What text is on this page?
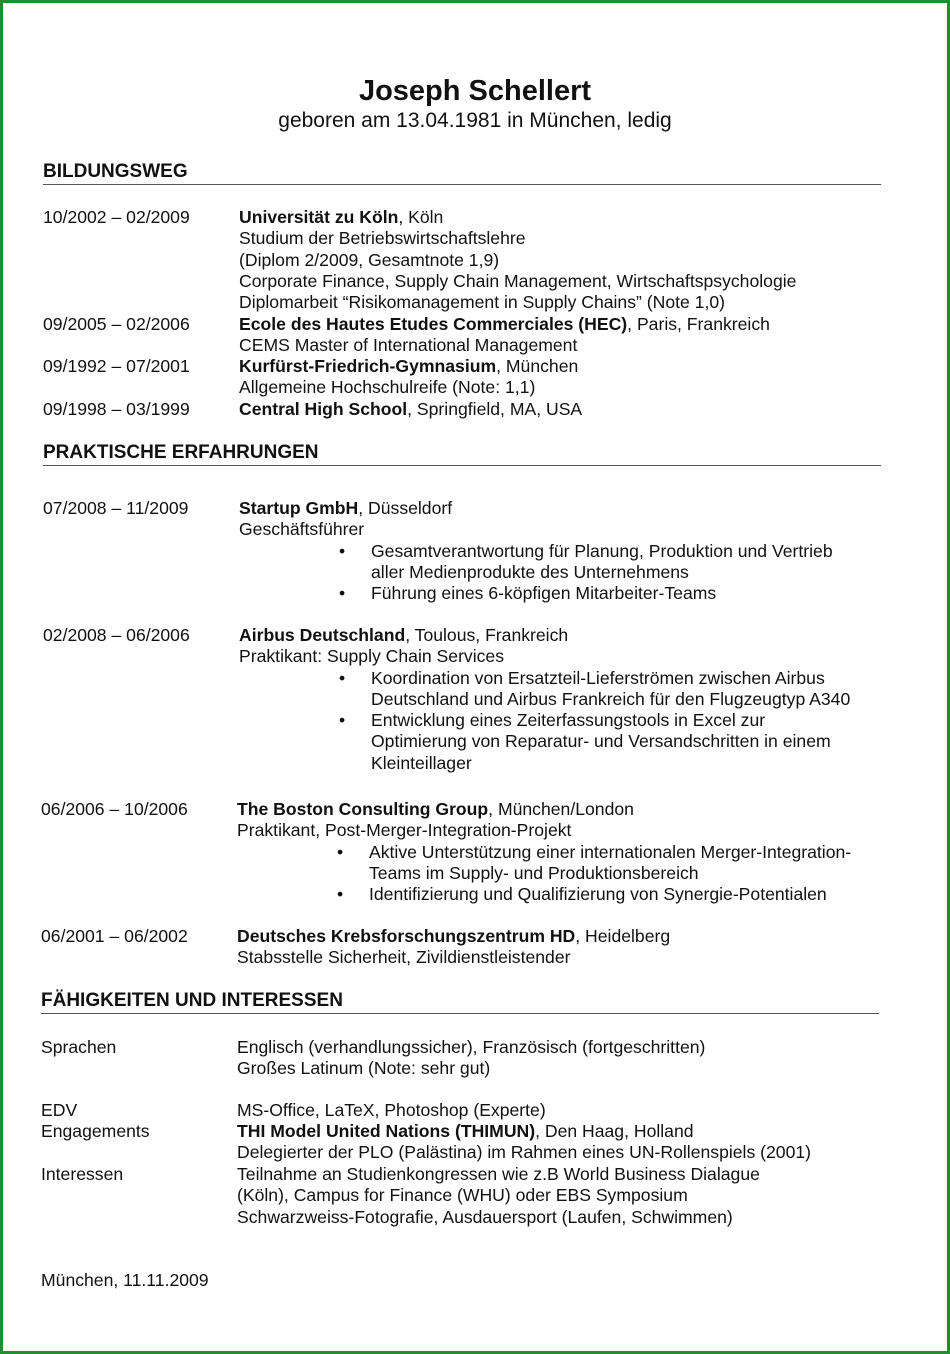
Joseph Schellert
geboren am 13.04.1981 in München, ledig
BILDUNGSWEG
10/2002 – 02/2009	Universität zu Köln, Köln
Studium der Betriebswirtschaftslehre
(Diplom 2/2009, Gesamtnote 1,9)
Corporate Finance, Supply Chain Management, Wirtschaftspsychologie
Diplomarbeit “Risikomanagement in Supply Chains” (Note 1,0)
09/2005 – 02/2006	Ecole des Hautes Etudes Commerciales (HEC), Paris, Frankreich
CEMS Master of International Management
09/1992 – 07/2001	Kurfürst-Friedrich-Gymnasium, München
Allgemeine Hochschulreife (Note: 1,1)
09/1998 – 03/1999	Central High School, Springfield, MA, USA
PRAKTISCHE ERFAHRUNGEN
07/2008 – 11/2009	Startup GmbH, Düsseldorf
Geschäftsführer
• Gesamtverantwortung für Planung, Produktion und Vertrieb
aller Medienprodukte des Unternehmens
• Führung eines 6-köpfigen Mitarbeiter-Teams
02/2008 – 06/2006	Airbus Deutschland, Toulous, Frankreich
Praktikant: Supply Chain Services
• Koordination von Ersatzteil-Lieferströmen zwischen Airbus
Deutschland und Airbus Frankreich für den Flugzeugtyp A340
• Entwicklung eines Zeiterfassungstools in Excel zur
Optimierung von Reparatur- und Versandschritten in einem
Kleinteillager
06/2006 – 10/2006	The Boston Consulting Group, München/London
Praktikant, Post-Merger-Integration-Projekt
• Aktive Unterstützung einer internationalen Merger-Integration-
Teams im Supply- und Produktionsbereich
• Identifizierung und Qualifizierung von Synergie-Potentialen
06/2001 – 06/2002	Deutsches Krebsforschungszentrum HD, Heidelberg
Stabsstelle Sicherheit, Zivildienstleistender
FÄHIGKEITEN UND INTERESSEN
Sprachen	Englisch (verhandlungssicher), Französisch (fortgeschritten)
Großes Latinum (Note: sehr gut)
EDV	MS-Office, LaTeX, Photoshop (Experte)
Engagements	THI Model United Nations (THIMUN), Den Haag, Holland
Delegierter der PLO (Palästina) im Rahmen eines UN-Rollenspiels (2001)
Interessen	Teilnahme an Studienkongressen wie z.B World Business Dialague
(Köln), Campus for Finance (WHU) oder EBS Symposium
Schwarzweiss-Fotografie, Ausdauersport (Laufen, Schwimmen)
München, 11.11.2009
